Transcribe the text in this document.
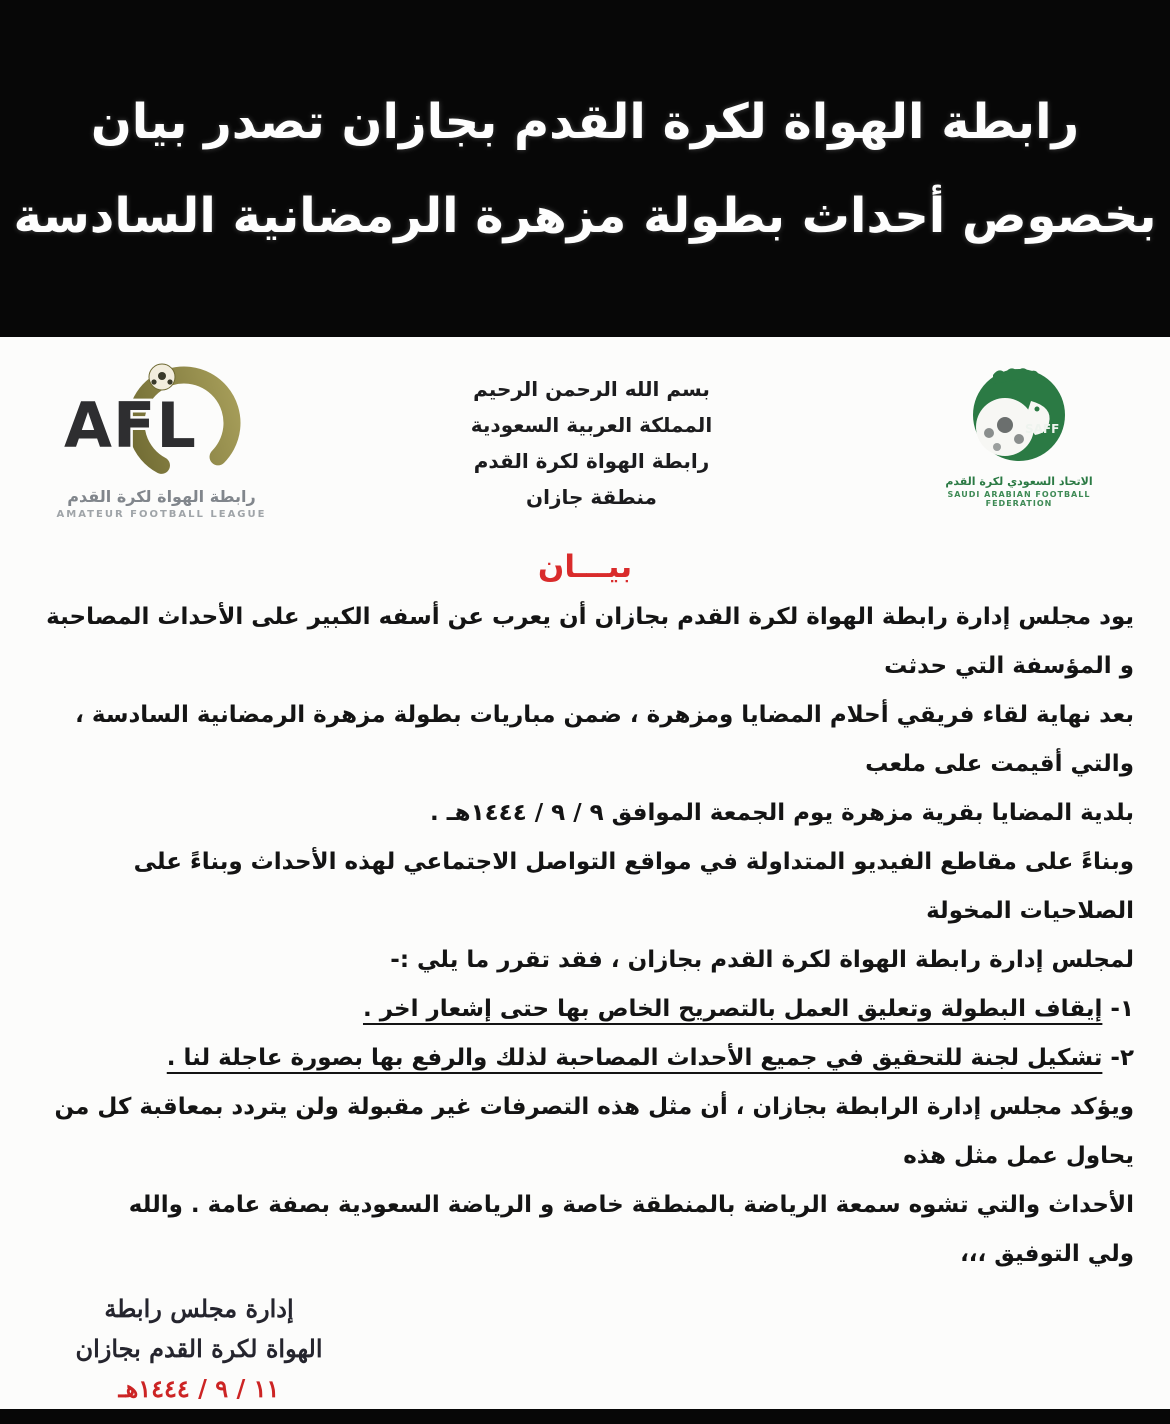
رابطة الهواة لكرة القدم بجازان تصدر بيان
بخصوص أحداث بطولة مزهرة الرمضانية السادسة
AFL
رابطة الهواة لكرة القدم
AMATEUR FOOTBALL LEAGUE
بسم الله الرحمن الرحيم
المملكة العربية السعودية
رابطة الهواة لكرة القدم
منطقة جازان
SAFF
الاتحاد السعودي لكرة القدم
SAUDI ARABIAN FOOTBALL FEDERATION
بيـــان
يود مجلس إدارة رابطة الهواة لكرة القدم بجازان أن يعرب عن أسفه الكبير على الأحداث المصاحبة و المؤسفة التي حدثت
بعد نهاية لقاء فريقي أحلام المضايا ومزهرة ، ضمن مباريات بطولة مزهرة الرمضانية السادسة ، والتي أقيمت على ملعب
بلدية المضايا بقرية مزهرة يوم الجمعة الموافق ٩ / ٩ / ١٤٤٤هـ .
وبناءً على مقاطع الفيديو المتداولة في مواقع التواصل الاجتماعي لهذه الأحداث وبناءً على الصلاحيات المخولة
لمجلس إدارة رابطة الهواة لكرة القدم بجازان ، فقد تقرر ما يلي :-
١- إيقاف البطولة وتعليق العمل بالتصريح الخاص بها حتى إشعار اخر .
٢- تشكيل لجنة للتحقيق في جميع الأحداث المصاحبة لذلك والرفع بها بصورة عاجلة لنا .
ويؤكد مجلس إدارة الرابطة بجازان ، أن مثل هذه التصرفات غير مقبولة ولن يتردد بمعاقبة كل من يحاول عمل مثل هذه
الأحداث والتي تشوه سمعة الرياضة بالمنطقة خاصة و الرياضة السعودية بصفة عامة . والله ولي التوفيق ،،،
إدارة مجلس رابطة
الهواة لكرة القدم بجازان
١١ / ٩ / ١٤٤٤هـ
